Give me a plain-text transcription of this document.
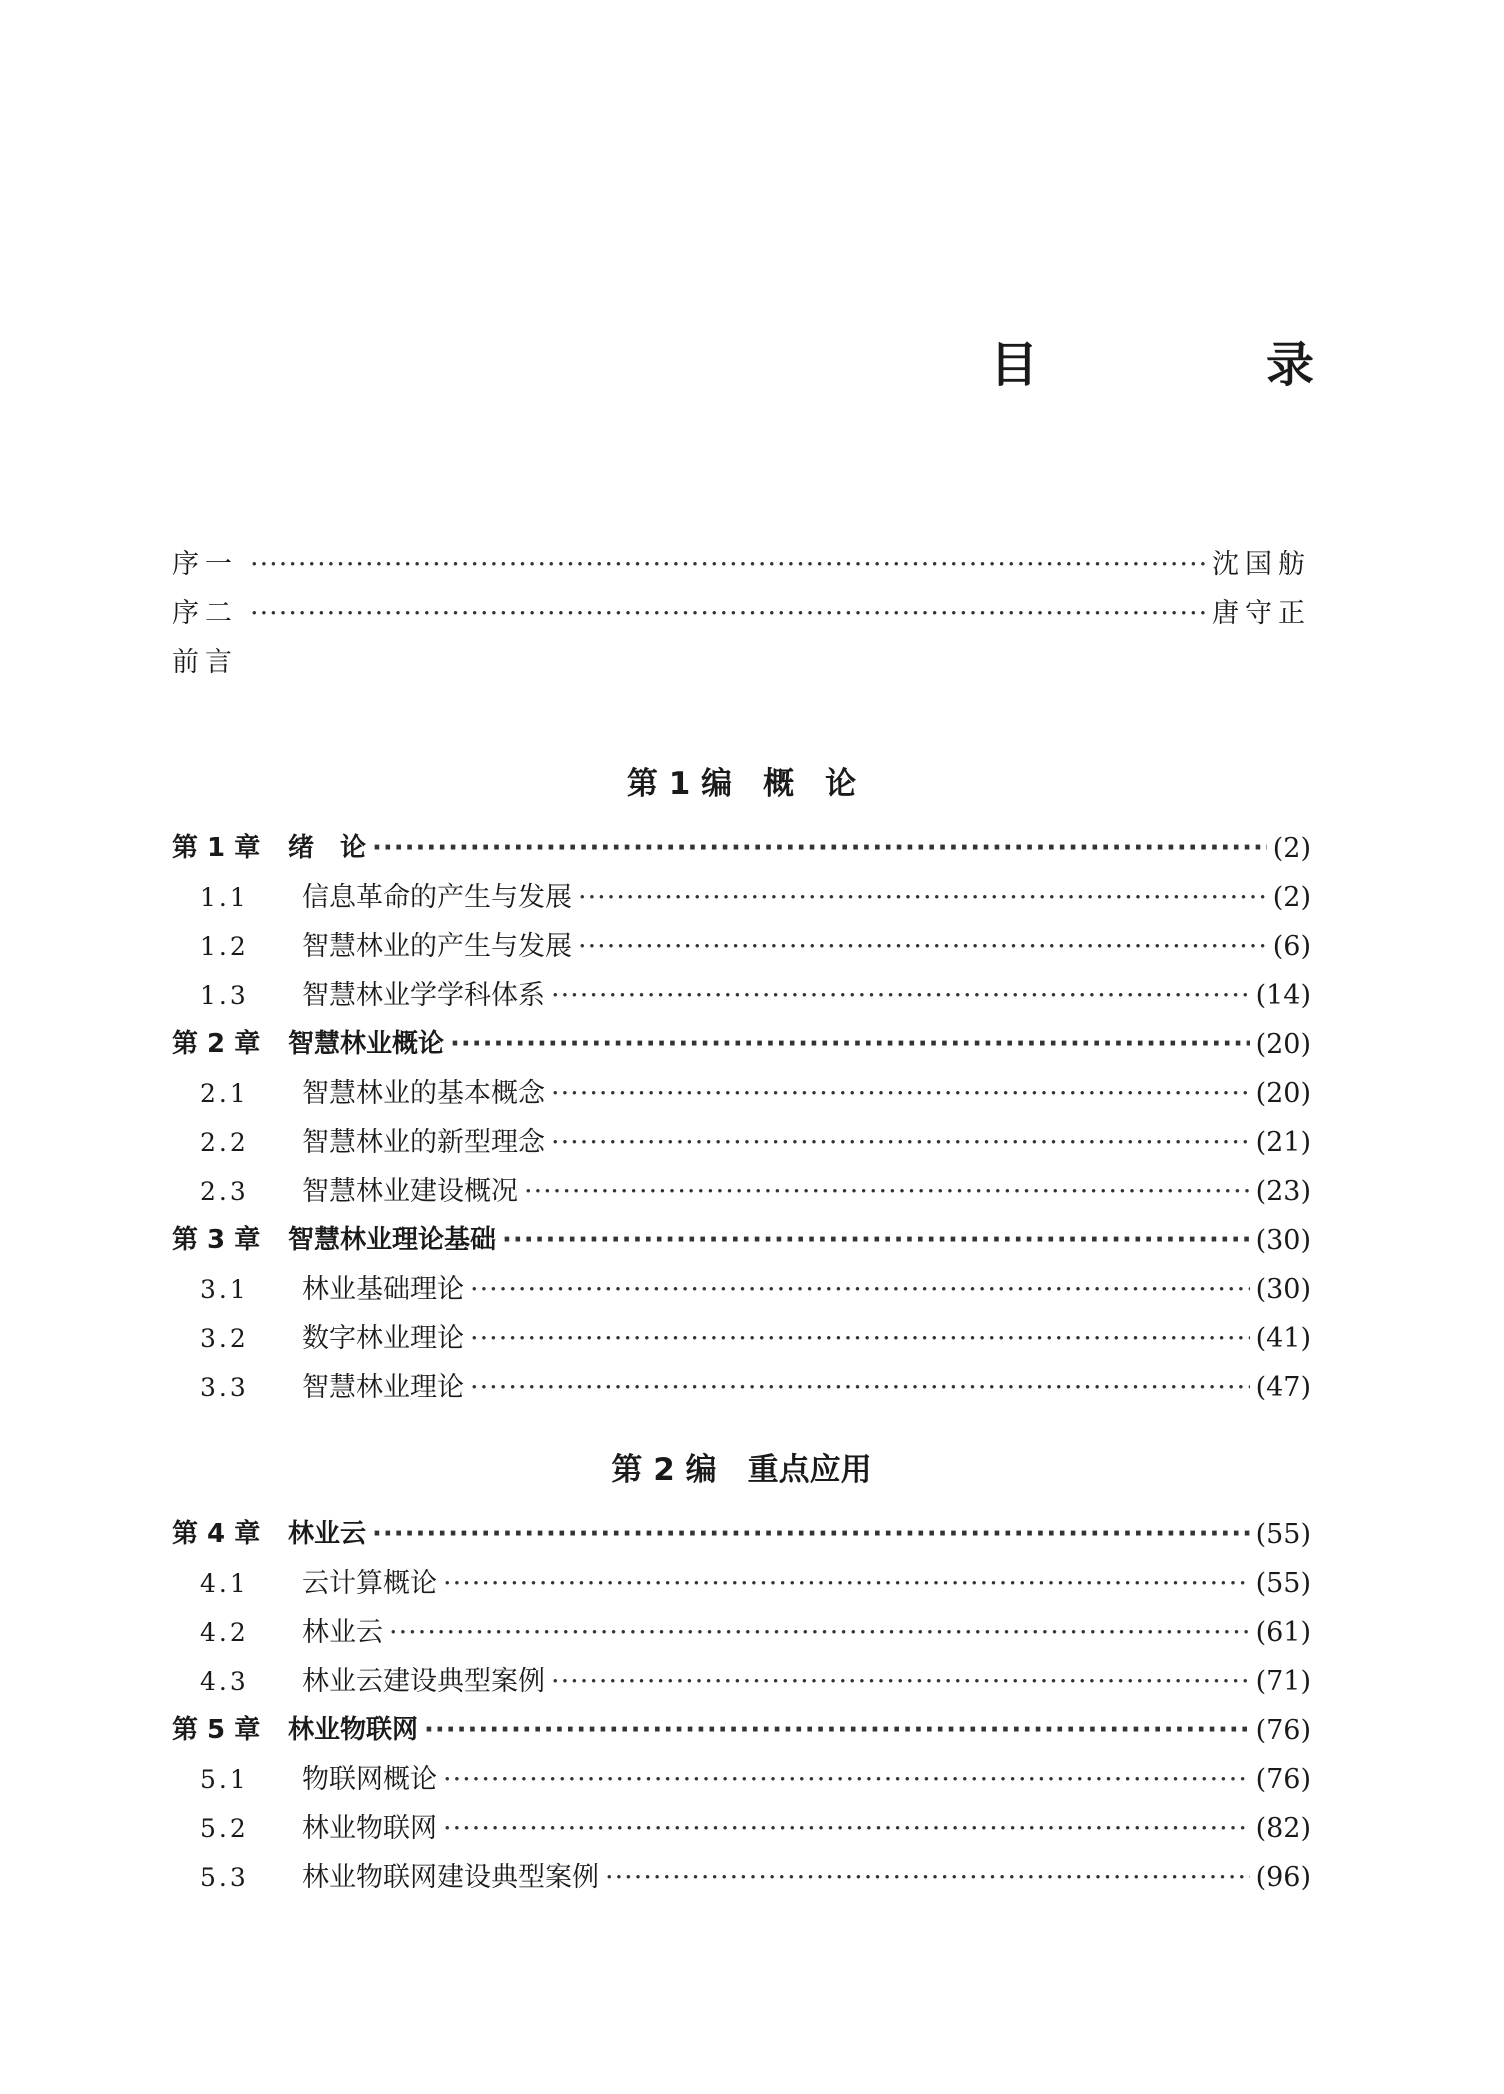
目　录
序一 ·····	沈国舫
序二 ·····	唐守正
前言
第 1 编　概　论
第 1 章	绪　论 ·····	(2)
1.1	信息革命的产生与发展 ·····	(2)
1.2	智慧林业的产生与发展 ·····	(6)
1.3	智慧林业学学科体系 ·····	(14)
第 2 章	智慧林业概论 ·····	(20)
2.1	智慧林业的基本概念 ·····	(20)
2.2	智慧林业的新型理念 ·····	(21)
2.3	智慧林业建设概况 ·····	(23)
第 3 章	智慧林业理论基础 ·····	(30)
3.1	林业基础理论 ·····	(30)
3.2	数字林业理论 ·····	(41)
3.3	智慧林业理论 ·····	(47)
第 2 编　重点应用
第 4 章	林业云 ·····	(55)
4.1	云计算概论 ·····	(55)
4.2	林业云 ·····	(61)
4.3	林业云建设典型案例 ·····	(71)
第 5 章	林业物联网 ·····	(76)
5.1	物联网概论 ·····	(76)
5.2	林业物联网 ·····	(82)
5.3	林业物联网建设典型案例 ·····	(96)
